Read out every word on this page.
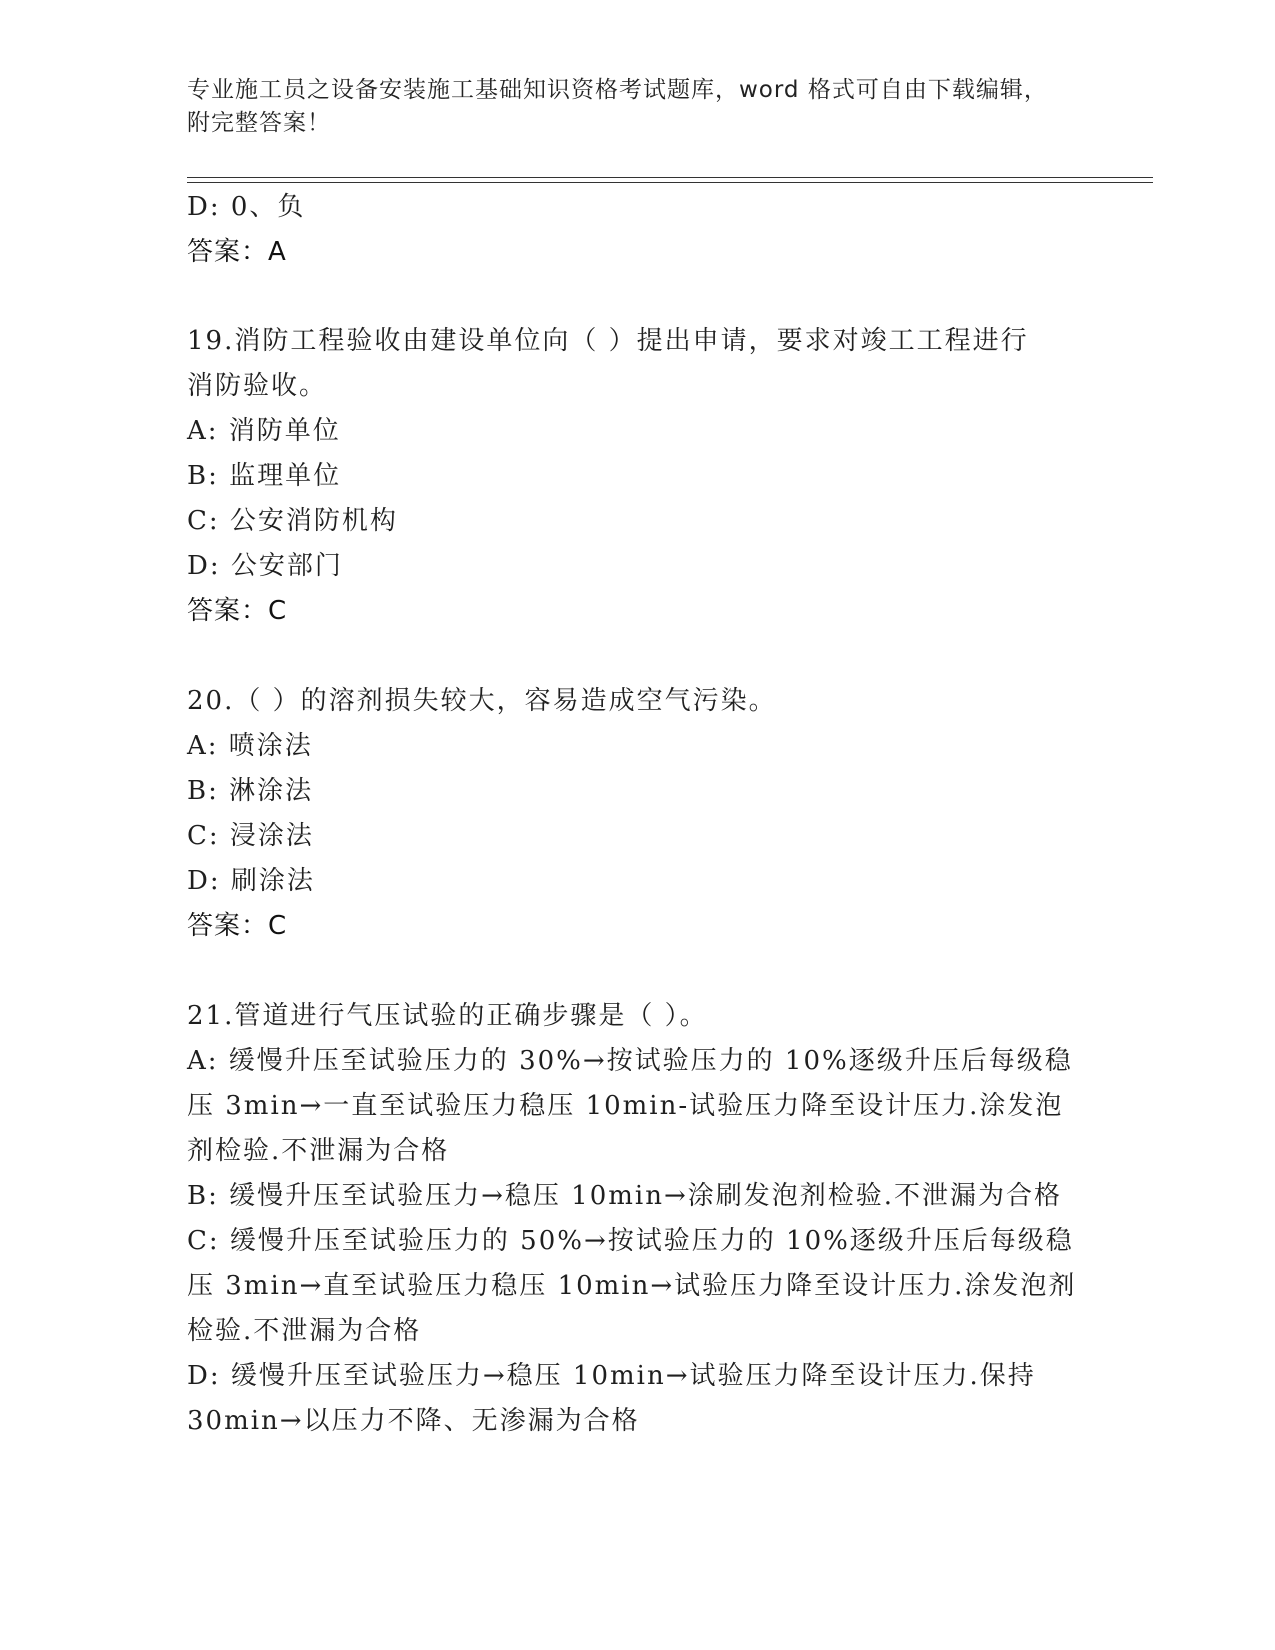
专业施工员之设备安装施工基础知识资格考试题库，word 格式可自由下载编辑，
附完整答案！
D: 0、负
答案：A
19.消防工程验收由建设单位向（ ）提出申请，要求对竣工工程进行
消防验收。
A: 消防单位
B: 监理单位
C: 公安消防机构
D: 公安部门
答案：C
20.（ ）的溶剂损失较大，容易造成空气污染。
A: 喷涂法
B: 淋涂法
C: 浸涂法
D: 刷涂法
答案：C
21.管道进行气压试验的正确步骤是（ ）。
A: 缓慢升压至试验压力的 30%→按试验压力的 10%逐级升压后每级稳
压 3min→一直至试验压力稳压 10min-试验压力降至设计压力.涂发泡
剂检验.不泄漏为合格
B: 缓慢升压至试验压力→稳压 10min→涂刷发泡剂检验.不泄漏为合格
C: 缓慢升压至试验压力的 50%→按试验压力的 10%逐级升压后每级稳
压 3min→直至试验压力稳压 10min→试验压力降至设计压力.涂发泡剂
检验.不泄漏为合格
D: 缓慢升压至试验压力→稳压 10min→试验压力降至设计压力.保持
30min→以压力不降、无渗漏为合格
